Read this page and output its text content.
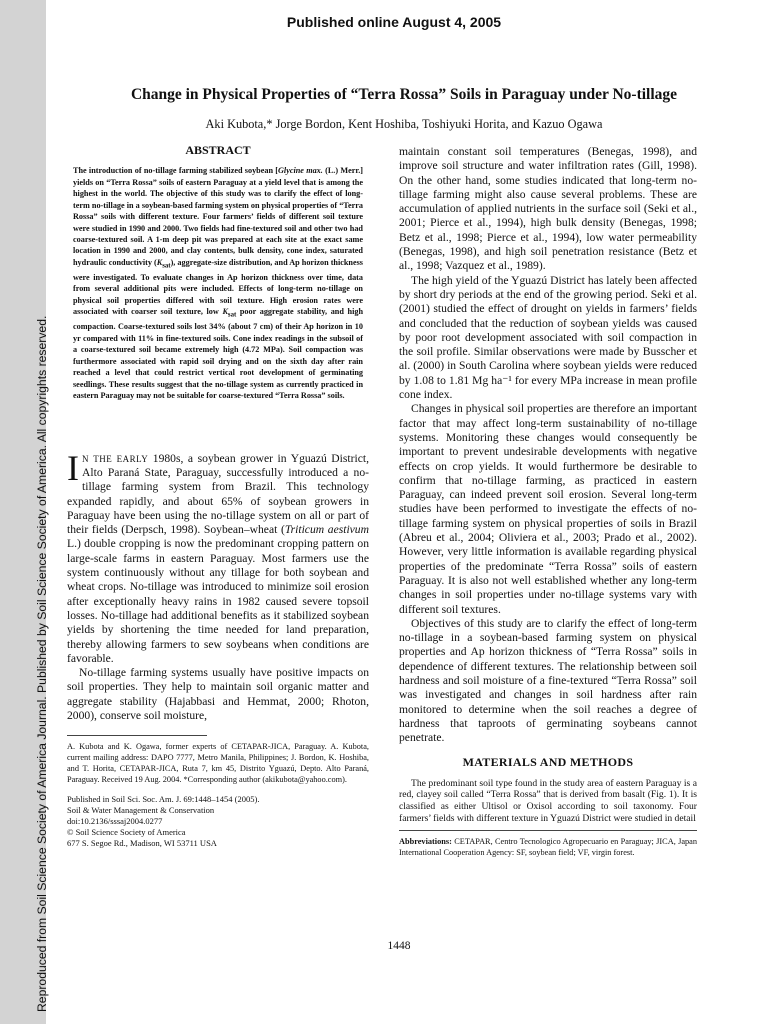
Reproduced from Soil Science Society of America Journal. Published by Soil Science Society of America. All copyrights reserved.
Published online August 4, 2005
Change in Physical Properties of “Terra Rossa” Soils in Paraguay under No-tillage
Aki Kubota,* Jorge Bordon, Kent Hoshiba, Toshiyuki Horita, and Kazuo Ogawa
ABSTRACT
The introduction of no-tillage farming stabilized soybean [Glycine max. (L.) Merr.] yields on “Terra Rossa” soils of eastern Paraguay at a yield level that is among the highest in the world. The objective of this study was to clarify the effect of long-term no-tillage in a soybean-based farming system on physical properties of “Terra Rossa” soils with different texture. Four farmers’ fields of different soil texture were studied in 1990 and 2000. Two fields had fine-textured soil and other two had coarse-textured soil. A 1-m deep pit was prepared at each site at the exact same location in 1990 and 2000, and clay contents, bulk density, cone index, saturated hydraulic conductivity $(K_{sat})$, aggregate-size distribution, and Ap horizon thickness were investigated. To evaluate changes in Ap horizon thickness over time, data from several additional pits were included. Effects of long-term no-tillage on physical soil properties differed with soil texture. High erosion rates were associated with coarser soil texture, low $K_{sat}$ poor aggregate stability, and high compaction. Coarse-textured soils lost 34% (about 7 cm) of their Ap horizon in 10 yr compared with 11% in fine-textured soils. Cone index readings in the subsoil of a coarse-textured soil became extremely high (4.72 MPa). Soil compaction was furthermore associated with rapid soil drying and on the sixth day after rain reached a level that could restrict vertical root development of germinating seedlings. These results suggest that the no-tillage system as currently practiced in eastern Paraguay may not be suitable for coarse-textured “Terra Rossa” soils.

I N THE EARLY 1980s, a soybean grower in Yguazú District, Alto Paraná State, Paraguay, successfully introduced a no-tillage farming system from Brazil. This technology expanded rapidly, and about 65% of soybean growers in Paraguay have been using the no-tillage system on all or part of their fields (Derpsch, 1998). Soybean–wheat (Triticum aestivum L.) double cropping is now the predominant cropping pattern on large-scale farms in eastern Paraguay. Most farmers use the system continuously without any tillage for both soybean and wheat crops. No-tillage was introduced to minimize soil erosion after exceptionally heavy rains in 1982 caused severe topsoil losses. No-tillage had additional benefits as it stabilized soybean yields by shortening the time needed for land preparation, thereby allowing farmers to sew soybeans when conditions are favorable.

No-tillage farming systems usually have positive impacts on soil properties. They help to maintain soil organic matter and aggregate stability (Hajabbasi and Hemmat, 2000; Rhoton, 2000), conserve soil moisture,

A. Kubota and K. Ogawa, former experts of CETAPAR-JICA, Paraguay. A. Kubota, current mailing address: DAPO 7777, Metro Manila, Philippines; J. Bordon, K. Hoshiba, and T. Horita, CETAPAR-JICA, Ruta 7, km 45, Distrito Yguazú, Depto. Alto Paraná, Paraguay. Received 19 Aug. 2004. *Corresponding author (akikubota@yahoo.com).
Published in Soil Sci. Soc. Am. J. 69:1448–1454 (2005).
Soil & Water Management & Conservation
doi:10.2136/sssaj2004.0277
© Soil Science Society of America
677 S. Segoe Rd., Madison, WI 53711 USA

maintain constant soil temperatures (Benegas, 1998), and improve soil structure and water infiltration rates (Gill, 1998). On the other hand, some studies indicated that long-term no-tillage farming might also cause several problems. These are accumulation of applied nutrients in the surface soil (Seki et al., 2001; Pierce et al., 1994), high bulk density (Benegas, 1998; Betz et al., 1998; Pierce et al., 1994), low water permeability (Benegas, 1998), and high soil penetration resistance (Betz et al., 1998; Vazquez et al., 1989).

The high yield of the Yguazú District has lately been affected by short dry periods at the end of the growing period. Seki et al. (2001) studied the effect of drought on yields in farmers’ fields and concluded that the reduction of soybean yields was caused by poor root development associated with soil compaction in the soil profile. Similar observations were made by Busscher et al. (2000) in South Carolina where soybean yields were reduced by 1.08 to 1.81 Mg ha⁻¹ for every MPa increase in mean profile cone index.

Changes in physical soil properties are therefore an important factor that may affect long-term sustainability of no-tillage systems. Monitoring these changes would consequently be important to prevent undesirable developments with negative effects on crop yields. It would furthermore be desirable to confirm that no-tillage farming, as practiced in eastern Paraguay, can indeed prevent soil erosion. Several long-term studies have been performed to investigate the effects of no-tillage farming system on physical properties of soils in Brazil (Abreu et al., 2004; Oliviera et al., 2003; Prado et al., 2002). However, very little information is available regarding physical properties of the predominate “Terra Rossa” soils of eastern Paraguay. It is also not well established whether any long-term changes in soil properties under no-tillage systems vary with different soil textures.

Objectives of this study are to clarify the effect of long-term no-tillage in a soybean-based farming system on physical properties and Ap horizon thickness of “Terra Rossa” soils in dependence of different textures. The relationship between soil hardness and soil moisture of a fine-textured “Terra Rossa” soil was investigated and changes in soil hardness after rain monitored to determine when the soil reaches a degree of hardness that taproots of germinating soybeans cannot penetrate.

MATERIALS AND METHODS

The predominant soil type found in the study area of eastern Paraguay is a red, clayey soil called “Terra Rossa” that is derived from basalt (Fig. 1). It is classified as either Ultisol or Oxisol according to soil taxonomy. Four farmers’ fields with different texture in Yguazú District were studied in detail

Abbreviations: CETAPAR, Centro Tecnologico Agropecuario en Paraguay; JICA, Japan International Cooperation Agency: SF, soybean field; VF, virgin forest.
1448
